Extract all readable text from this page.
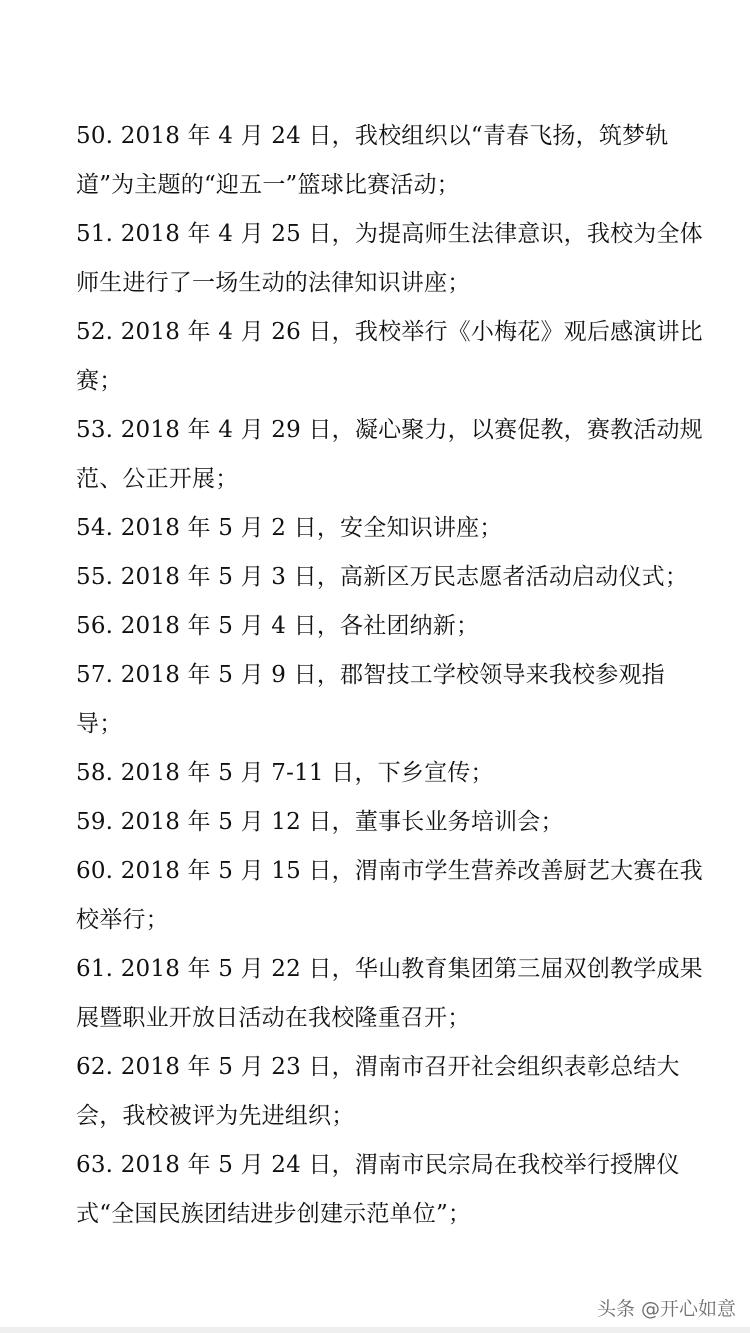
50. 2018 年 4 月 24 日，我校组织以“青春飞扬，筑梦轨道”为主题的“迎五一”篮球比赛活动；
51. 2018 年 4 月 25 日，为提高师生法律意识，我校为全体师生进行了一场生动的法律知识讲座；
52. 2018 年 4 月 26 日，我校举行《小梅花》观后感演讲比赛；
53. 2018 年 4 月 29 日，凝心聚力，以赛促教，赛教活动规范、公正开展；
54. 2018 年 5 月 2 日，安全知识讲座；
55. 2018 年 5 月 3 日，高新区万民志愿者活动启动仪式；
56. 2018 年 5 月 4 日，各社团纳新；
57. 2018 年 5 月 9 日，郡智技工学校领导来我校参观指导；
58. 2018 年 5 月 7-11 日，下乡宣传；
59. 2018 年 5 月 12 日，董事长业务培训会；
60. 2018 年 5 月 15 日，渭南市学生营养改善厨艺大赛在我校举行；
61. 2018 年 5 月 22 日，华山教育集团第三届双创教学成果展暨职业开放日活动在我校隆重召开；
62. 2018 年 5 月 23 日，渭南市召开社会组织表彰总结大会，我校被评为先进组织；
63. 2018 年 5 月 24 日，渭南市民宗局在我校举行授牌仪式“全国民族团结进步创建示范单位”；
头条 @开心如意
